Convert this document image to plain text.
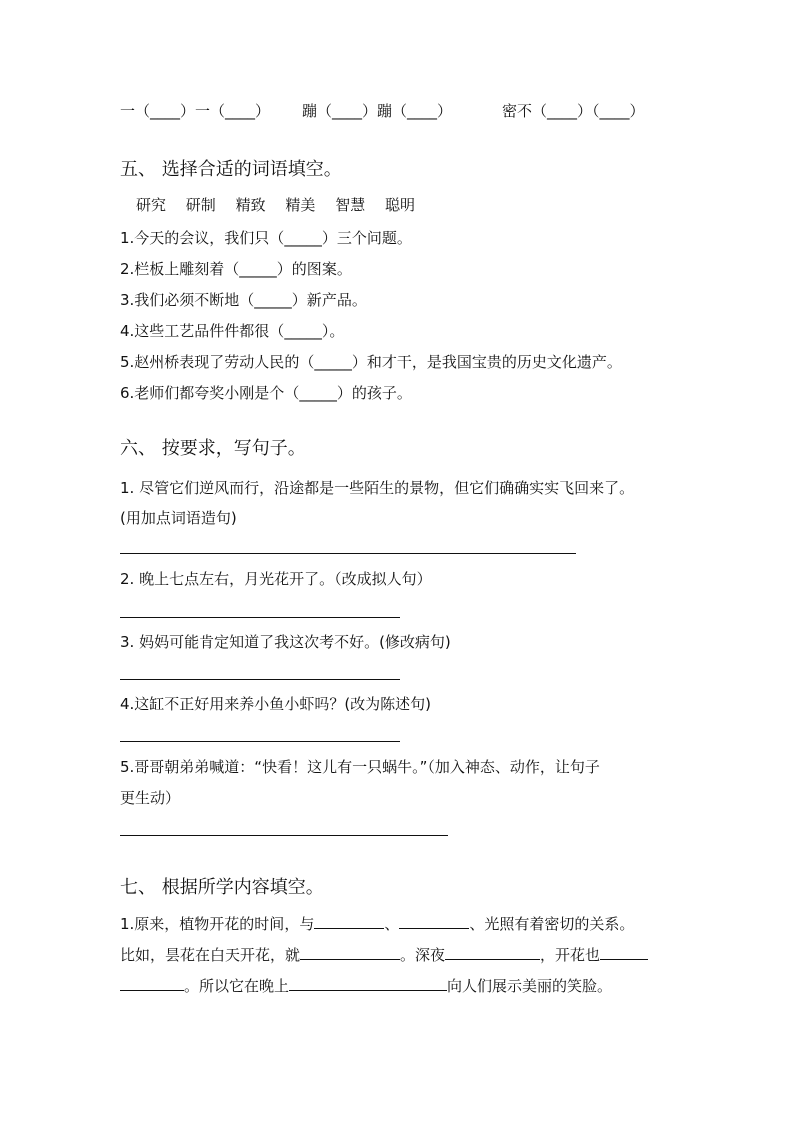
一（____）一（____） 蹦（____）蹦（____）	密不（____）（____）
五、 选择合适的词语填空。
研究 研制 精致 精美 智慧 聪明
1.今天的会议，我们只（_____）三个问题。
2.栏板上雕刻着（_____）的图案。
3.我们必须不断地（_____）新产品。
4.这些工艺品件件都很（_____）。
5.赵州桥表现了劳动人民的（_____）和才干，是我国宝贵的历史文化遗产。
6.老师们都夸奖小刚是个（_____）的孩子。
六、 按要求，写句子。
1. 尽管它们逆风而行，沿途都是一些陌生的景物，但它们确确实实飞回来了。
(用加点词语造句)
2. 晚上七点左右，月光花开了。（改成拟人句）
3. 妈妈可能肯定知道了我这次考不好。(修改病句)
4.这缸不正好用来养小鱼小虾吗？(改为陈述句)
5.哥哥朝弟弟喊道：“快看！这儿有一只蜗牛。”（加入神态、动作，让句子
更生动）
七、 根据所学内容填空。
1.原来，植物开花的时间，与	、	、光照有着密切的关系。
比如，昙花在白天开花，就	。深夜	，开花也
。所以它在晚上	向人们展示美丽的笑脸。
